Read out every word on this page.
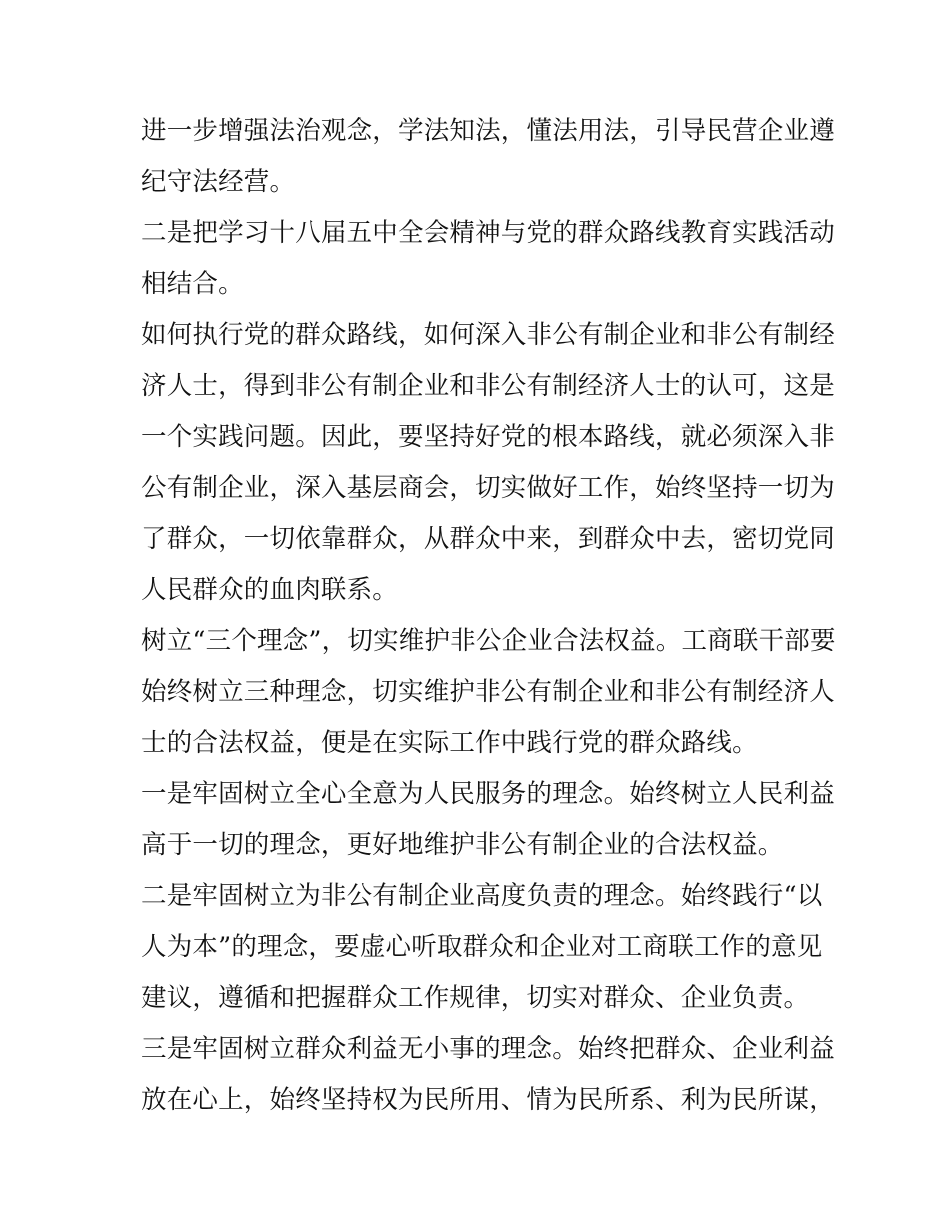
进一步增强法治观念，学法知法，懂法用法，引导民营企业遵
纪守法经营。
二是把学习十八届五中全会精神与党的群众路线教育实践活动
相结合。
如何执行党的群众路线，如何深入非公有制企业和非公有制经
济人士，得到非公有制企业和非公有制经济人士的认可，这是
一个实践问题。因此，要坚持好党的根本路线，就必须深入非
公有制企业，深入基层商会，切实做好工作，始终坚持一切为
了群众，一切依靠群众，从群众中来，到群众中去，密切党同
人民群众的血肉联系。
树立“三个理念”，切实维护非公企业合法权益。工商联干部要
始终树立三种理念，切实维护非公有制企业和非公有制经济人
士的合法权益，便是在实际工作中践行党的群众路线。
一是牢固树立全心全意为人民服务的理念。始终树立人民利益
高于一切的理念，更好地维护非公有制企业的合法权益。
二是牢固树立为非公有制企业高度负责的理念。始终践行“以
人为本”的理念，要虚心听取群众和企业对工商联工作的意见
建议，遵循和把握群众工作规律，切实对群众、企业负责。
三是牢固树立群众利益无小事的理念。始终把群众、企业利益
放在心上，始终坚持权为民所用、情为民所系、利为民所谋，
